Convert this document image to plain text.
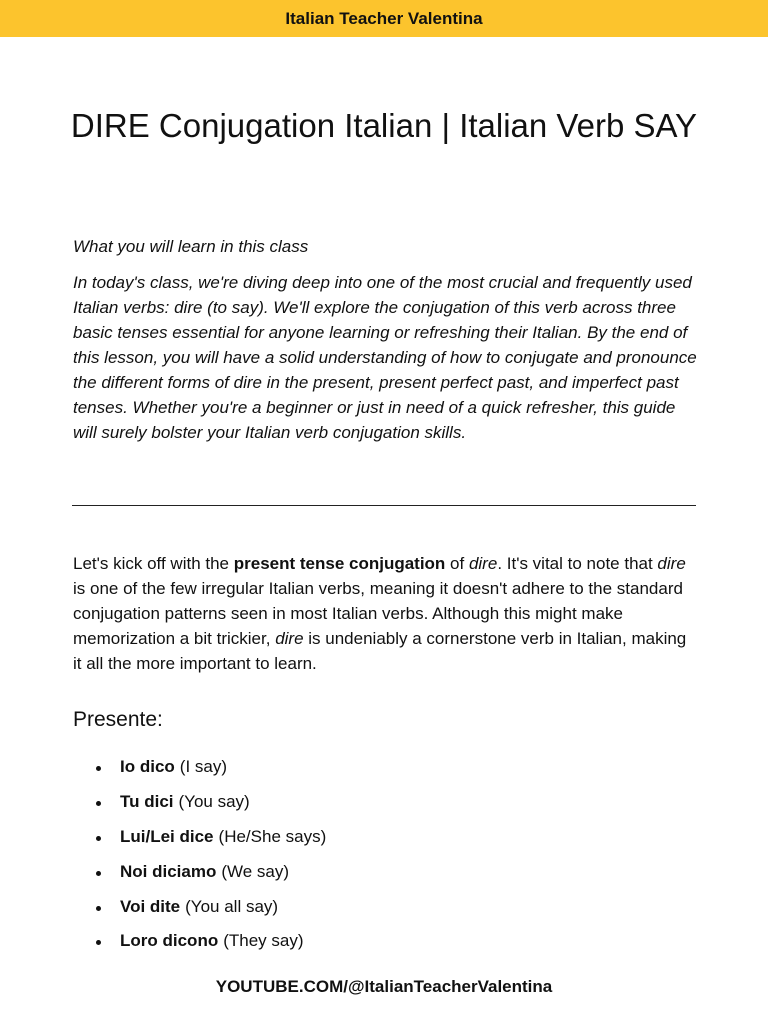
Italian Teacher Valentina
DIRE Conjugation Italian | Italian Verb SAY

What you will learn in this class

In today's class, we're diving deep into one of the most crucial and frequently used Italian verbs: dire (to say). We'll explore the conjugation of this verb across three basic tenses essential for anyone learning or refreshing their Italian. By the end of this lesson, you will have a solid understanding of how to conjugate and pronounce the different forms of dire in the present, present perfect past, and imperfect past tenses. Whether you're a beginner or just in need of a quick refresher, this guide will surely bolster your Italian verb conjugation skills.

Let's kick off with the present tense conjugation of dire. It's vital to note that dire is one of the few irregular Italian verbs, meaning it doesn't adhere to the standard conjugation patterns seen in most Italian verbs. Although this might make memorization a bit trickier, dire is undeniably a cornerstone verb in Italian, making it all the more important to learn.

Presente:
Io dico (I say)
Tu dici (You say)
Lui/Lei dice (He/She says)
Noi diciamo (We say)
Voi dite (You all say)
Loro dicono (They say)
YOUTUBE.COM/@ItalianTeacherValentina
